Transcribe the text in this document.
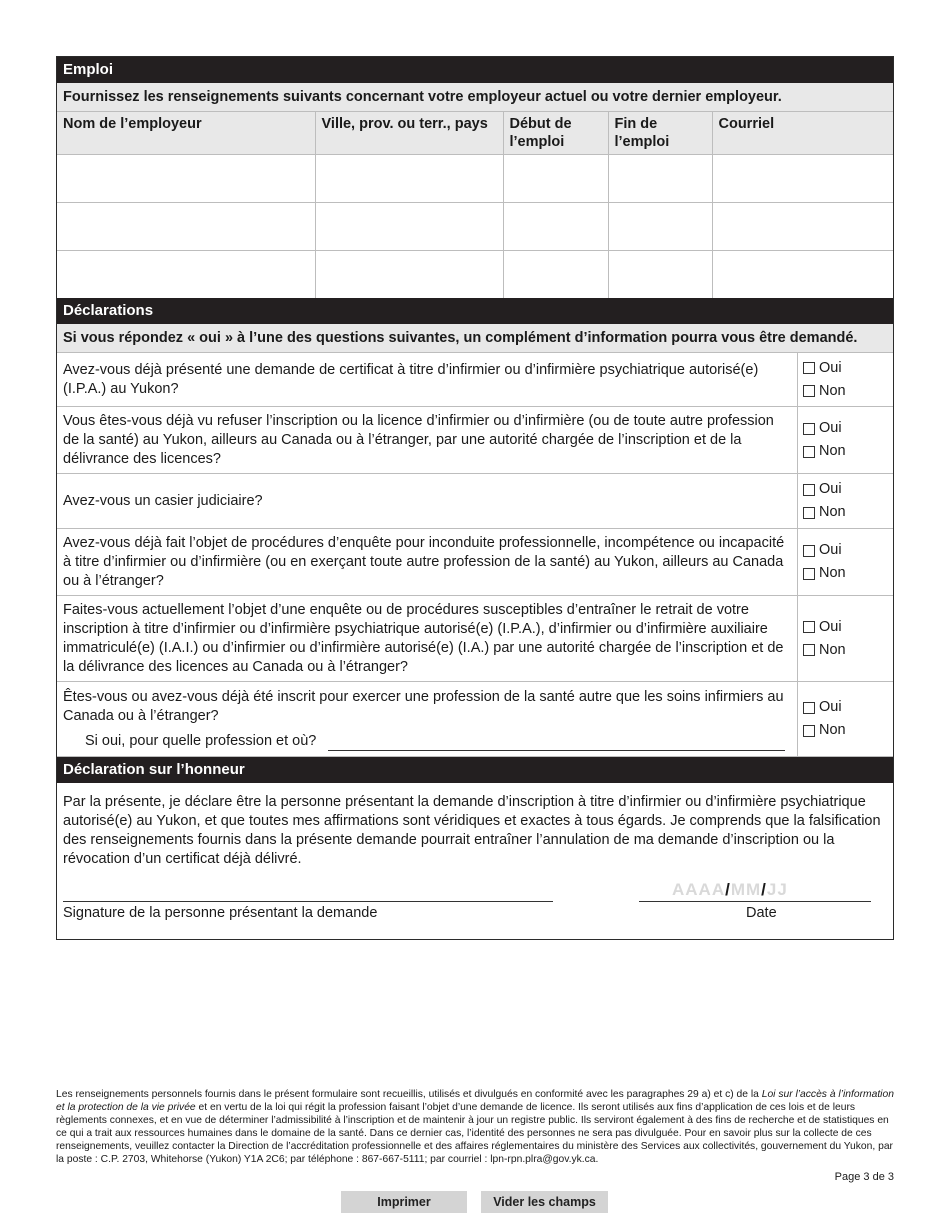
Emploi
Fournissez les renseignements suivants concernant votre employeur actuel ou votre dernier employeur.
Nom de l’employeur	Ville, prov. ou terr., pays	Début de l’emploi	Fin de l’emploi	Courriel

Déclarations
Si vous répondez « oui » à l’une des questions suivantes, un complément d’information pourra vous être demandé.
Avez-vous déjà présenté une demande de certificat à titre d’infirmier ou d’infirmière psychiatrique autorisé(e) (I.P.A.) au Yukon?
Oui
Non
Vous êtes-vous déjà vu refuser l’inscription ou la licence d’infirmier ou d’infirmière (ou de toute autre profession de la santé) au Yukon, ailleurs au Canada ou à l’étranger, par une autorité chargée de l’inscription et de la délivrance des licences?
Oui
Non
Avez-vous un casier judiciaire?
Oui
Non
Avez-vous déjà fait l’objet de procédures d’enquête pour inconduite professionnelle, incompétence ou incapacité à titre d’infirmier ou d’infirmière (ou en exerçant toute autre profession de la santé) au Yukon, ailleurs au Canada ou à l’étranger?
Oui
Non
Faites-vous actuellement l’objet d’une enquête ou de procédures susceptibles d’entraîner le retrait de votre inscription à titre d’infirmier ou d’infirmière psychiatrique autorisé(e) (I.P.A.), d’infirmier ou d’infirmière auxiliaire immatriculé(e) (I.A.I.) ou d’infirmier ou d’infirmière autorisé(e) (I.A.) par une autorité chargée de l’inscription et de la délivrance des licences au Canada ou à l’étranger?
Oui
Non
Êtes-vous ou avez-vous déjà été inscrit pour exercer une profession de la santé autre que les soins infirmiers au Canada ou à l’étranger?
Si oui, pour quelle profession et où?
Oui
Non
Déclaration sur l’honneur
Par la présente, je déclare être la personne présentant la demande d’inscription à titre d’infirmier ou d’infirmière psychiatrique autorisé(e) au Yukon, et que toutes mes affirmations sont véridiques et exactes à tous égards. Je comprends que la falsification des renseignements fournis dans la présente demande pourrait entraîner l’annulation de ma demande d’inscription ou la révocation d’un certificat déjà délivré.
Signature de la personne présentant la demande
AAAA/MM/JJ
Date
Les renseignements personnels fournis dans le présent formulaire sont recueillis, utilisés et divulgués en conformité avec les paragraphes 29 a) et c) de la Loi sur l’accès à l’information et la protection de la vie privée et en vertu de la loi qui régit la profession faisant l’objet d’une demande de licence. Ils seront utilisés aux fins d’application de ces lois et de leurs règlements connexes, et en vue de déterminer l’admissibilité à l’inscription et de maintenir à jour un registre public. Ils serviront également à des fins de recherche et de statistiques en ce qui a trait aux ressources humaines dans le domaine de la santé. Dans ce dernier cas, l’identité des personnes ne sera pas divulguée. Pour en savoir plus sur la collecte de ces renseignements, veuillez contacter la Direction de l’accréditation professionnelle et des affaires réglementaires du ministère des Services aux collectivités, gouvernement du Yukon, par la poste : C.P. 2703, Whitehorse (Yukon) Y1A 2C6; par téléphone : 867-667-5111; par courriel : lpn-rpn.plra@gov.yk.ca.
Page 3 de 3
Imprimer	Vider les champs
